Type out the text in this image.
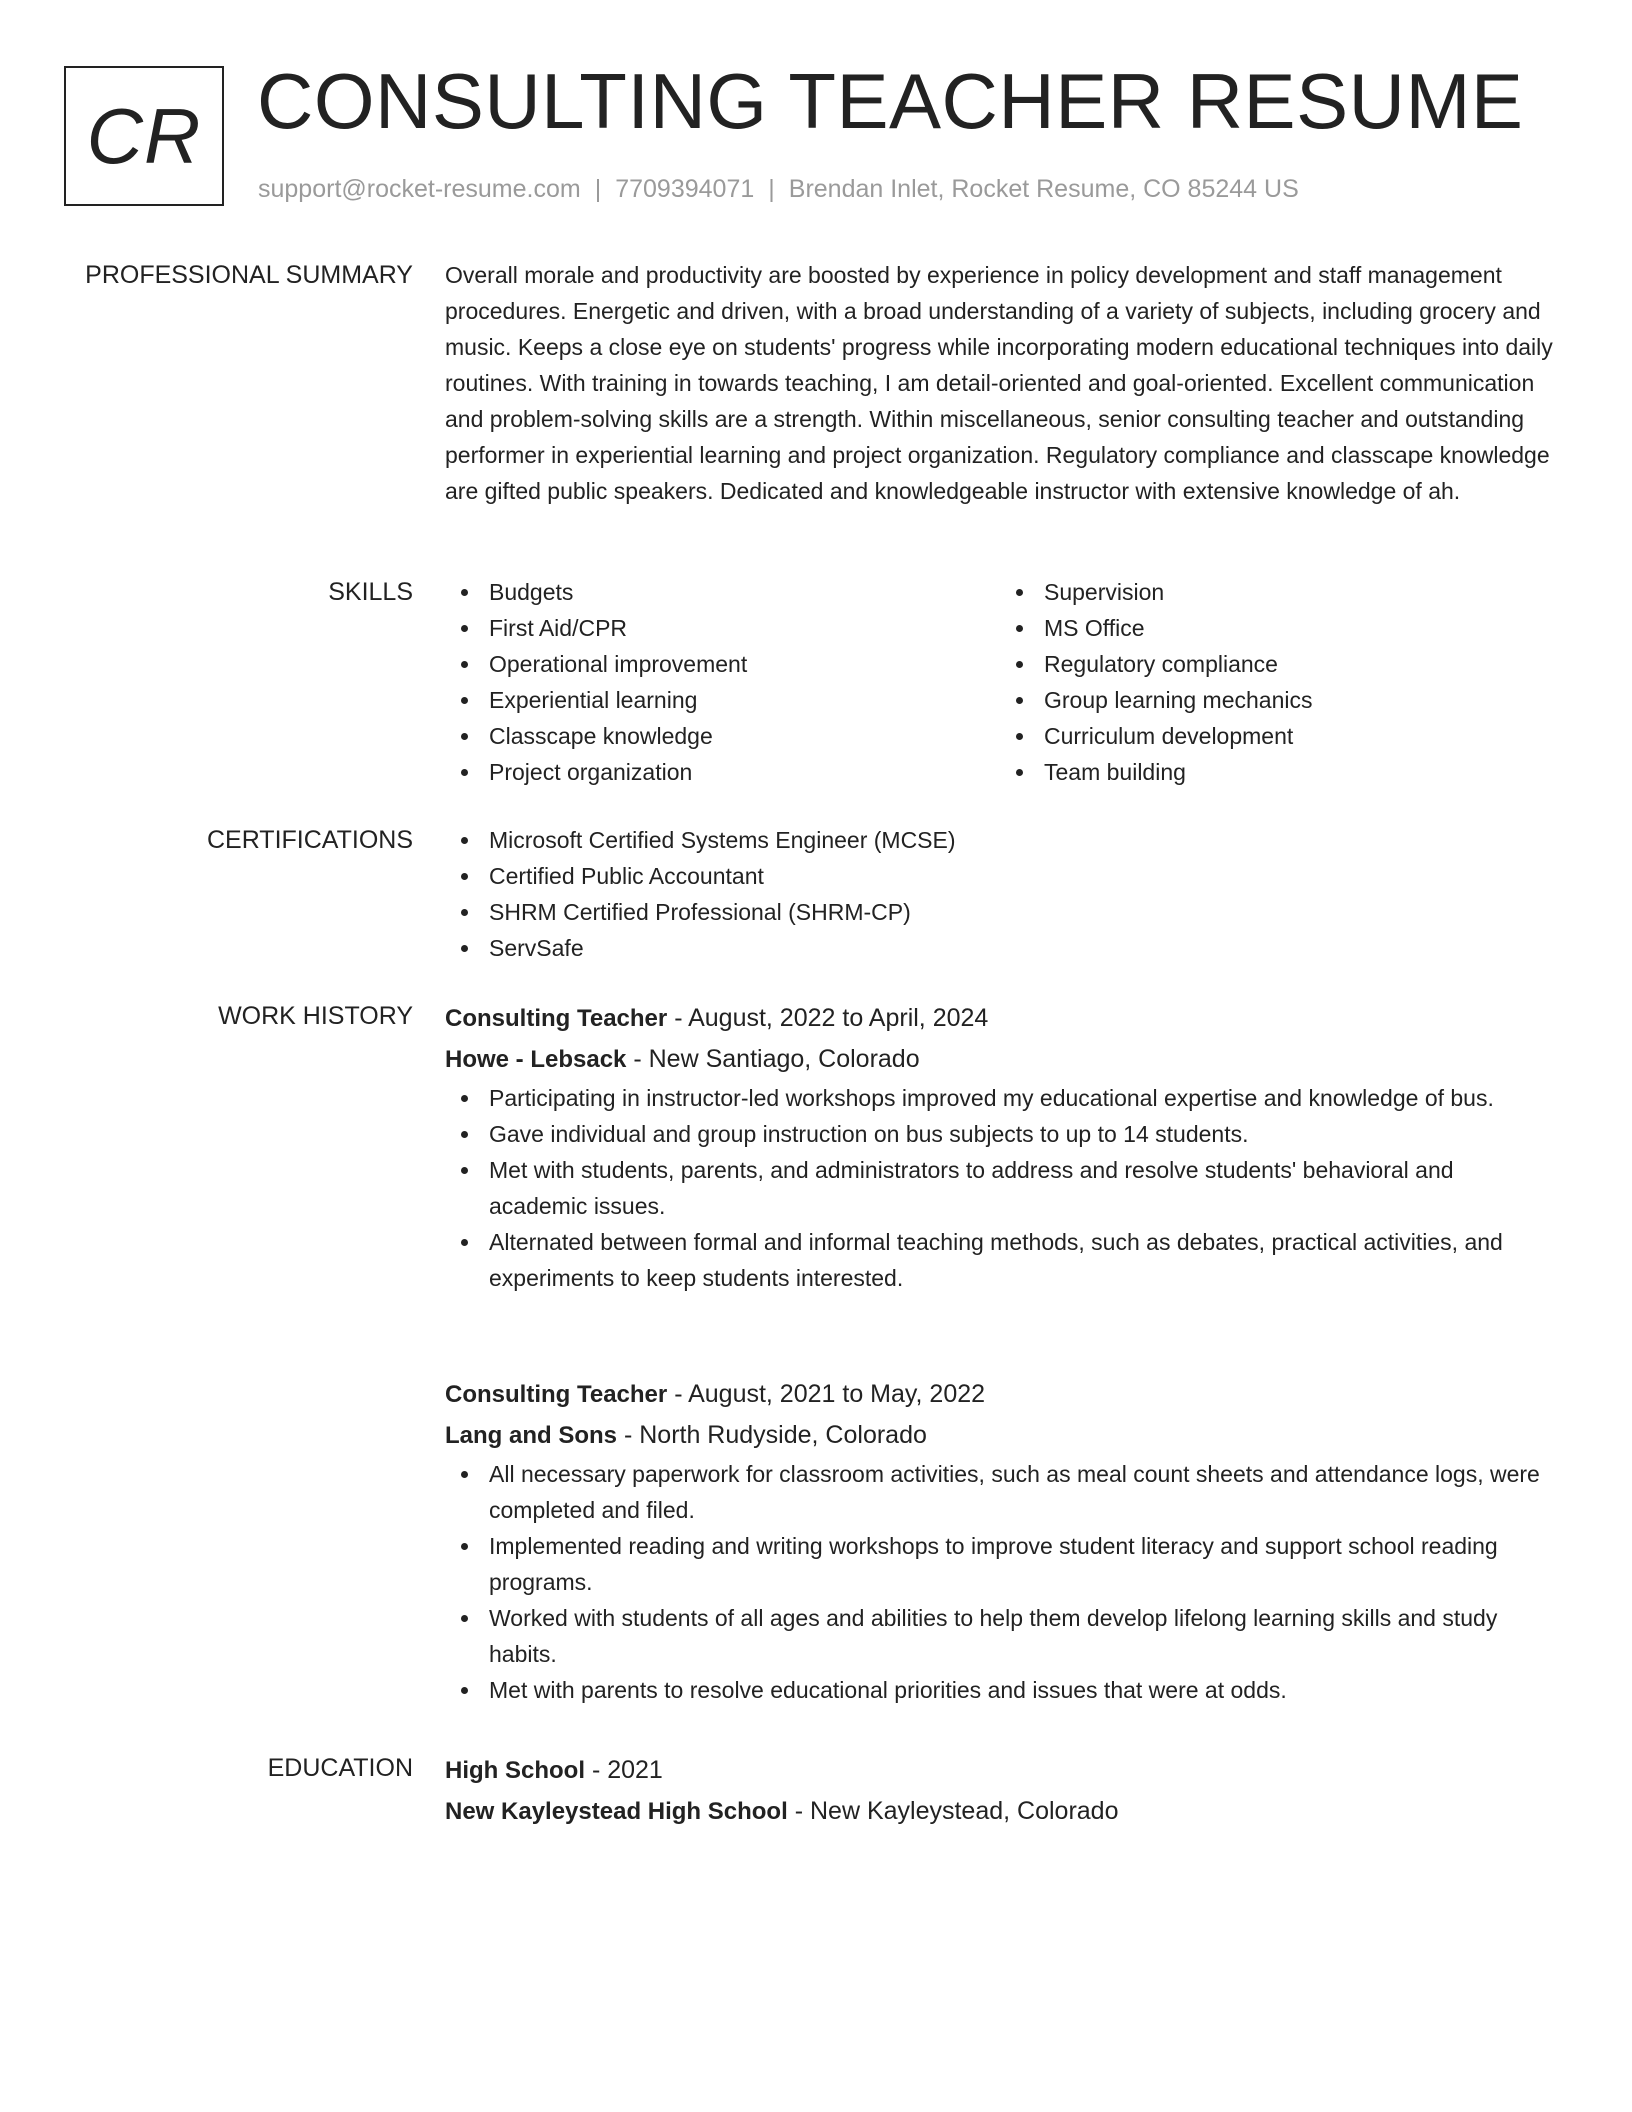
CR CONSULTING TEACHER RESUME
support@rocket-resume.com | 7709394071 | Brendan Inlet, Rocket Resume, CO 85244 US
PROFESSIONAL SUMMARY Overall morale and productivity are boosted by experience in policy development and staff management procedures. Energetic and driven, with a broad understanding of a variety of subjects, including grocery and music. Keeps a close eye on students' progress while incorporating modern educational techniques into daily routines. With training in towards teaching, I am detail-oriented and goal-oriented. Excellent communication and problem-solving skills are a strength. Within miscellaneous, senior consulting teacher and outstanding performer in experiential learning and project organization. Regulatory compliance and classcape knowledge are gifted public speakers. Dedicated and knowledgeable instructor with extensive knowledge of ah.

SKILLS	Budgets
First Aid/CPR
Operational improvement
Experiential learning
Classcape knowledge
Project organization
Supervision
MS Office
Regulatory compliance
Group learning mechanics
Curriculum development
Team building
CERTIFICATIONS	Microsoft Certified Systems Engineer (MCSE)
Certified Public Accountant
SHRM Certified Professional (SHRM-CP)
ServSafe
WORK HISTORY Consulting Teacher - August, 2022 to April, 2024
Howe - Lebsack - New Santiago, Colorado
Participating in instructor-led workshops improved my educational expertise and knowledge of bus.
Gave individual and group instruction on bus subjects to up to 14 students.
Met with students, parents, and administrators to address and resolve students' behavioral and academic issues.
Alternated between formal and informal teaching methods, such as debates, practical activities, and experiments to keep students interested.
Consulting Teacher - August, 2021 to May, 2022
Lang and Sons - North Rudyside, Colorado
All necessary paperwork for classroom activities, such as meal count sheets and attendance logs, were completed and filed.
Implemented reading and writing workshops to improve student literacy and support school reading programs.
Worked with students of all ages and abilities to help them develop lifelong learning skills and study habits.
Met with parents to resolve educational priorities and issues that were at odds.
EDUCATION High School - 2021
New Kayleystead High School - New Kayleystead, Colorado
